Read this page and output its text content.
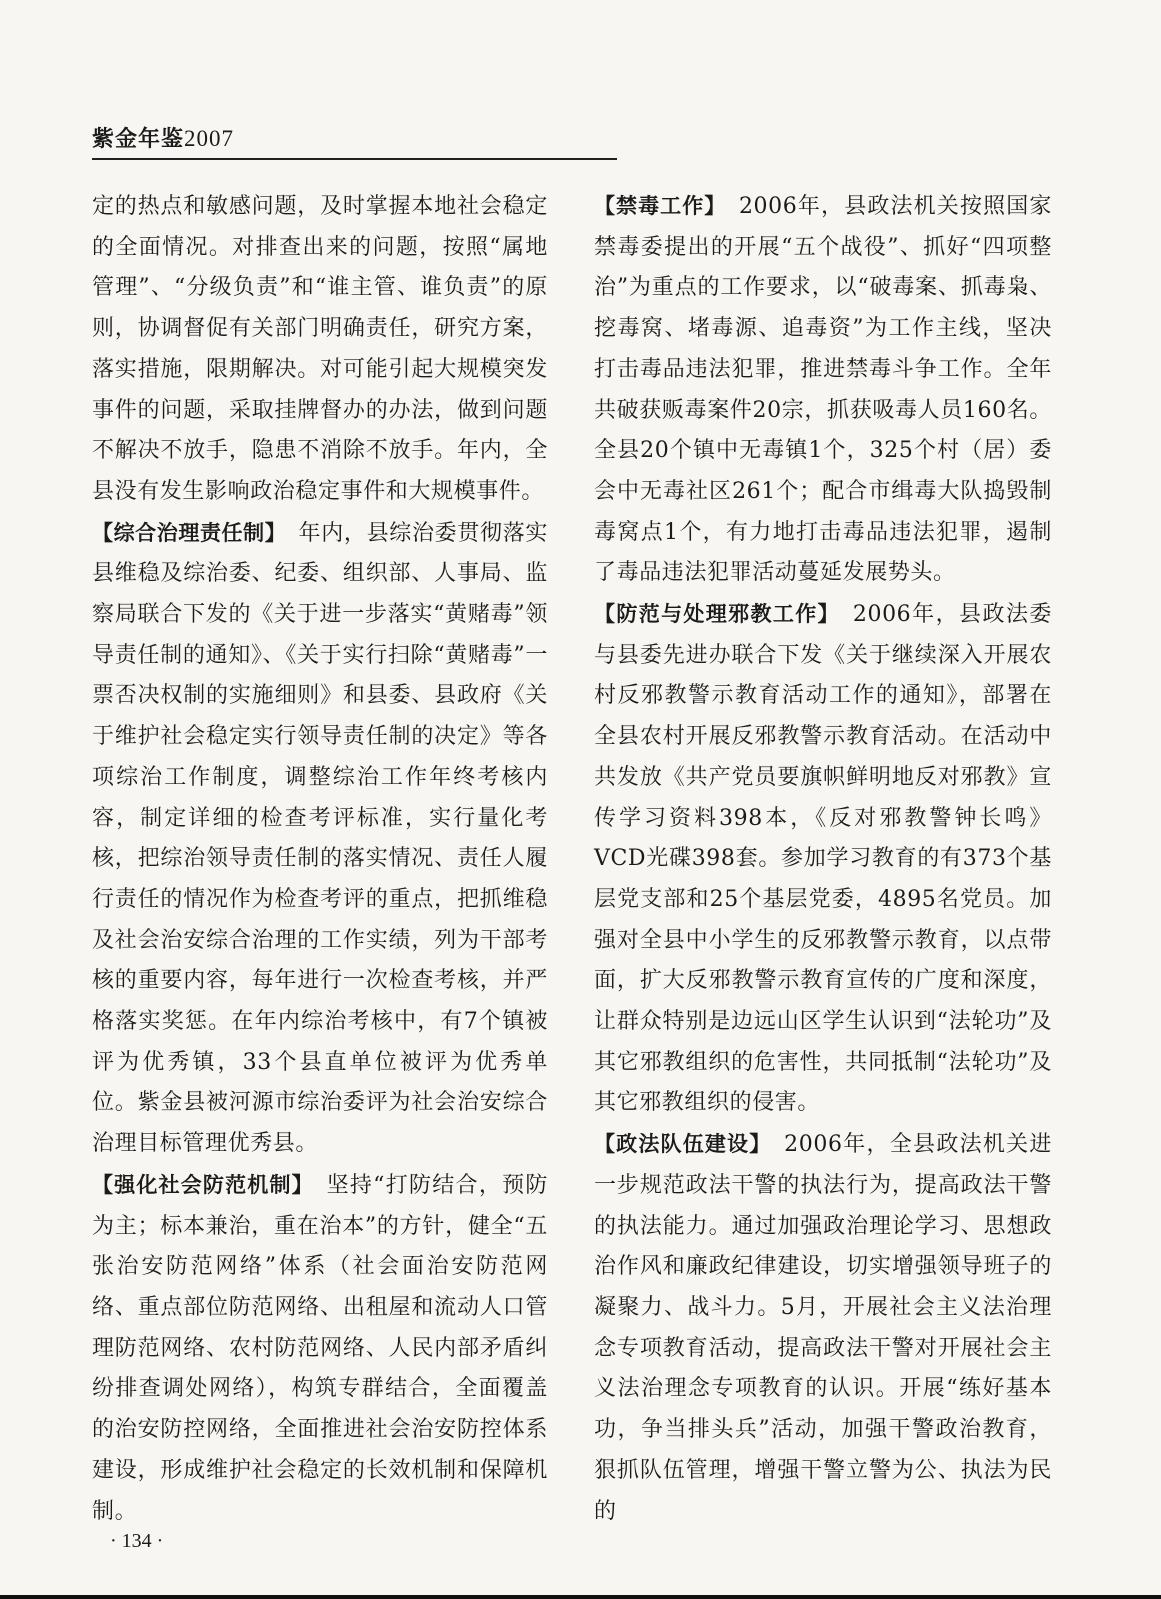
紫金年鉴2007

定的热点和敏感问题，及时掌握本地社会稳定的全面情况。对排查出来的问题，按照“属地管理”、“分级负责”和“谁主管、谁负责”的原则，协调督促有关部门明确责任，研究方案，落实措施，限期解决。对可能引起大规模突发事件的问题，采取挂牌督办的办法，做到问题不解决不放手，隐患不消除不放手。年内，全县没有发生影响政治稳定事件和大规模事件。

【综合治理责任制】　年内，县综治委贯彻落实县维稳及综治委、纪委、组织部、人事局、监察局联合下发的《关于进一步落实“黄赌毒”领导责任制的通知》、《关于实行扫除“黄赌毒”一票否决权制的实施细则》和县委、县政府《关于维护社会稳定实行领导责任制的决定》等各项综治工作制度，调整综治工作年终考核内容，制定详细的检查考评标准，实行量化考核，把综治领导责任制的落实情况、责任人履行责任的情况作为检查考评的重点，把抓维稳及社会治安综合治理的工作实绩，列为干部考核的重要内容，每年进行一次检查考核，并严格落实奖惩。在年内综治考核中，有7个镇被评为优秀镇，33个县直单位被评为优秀单位。紫金县被河源市综治委评为社会治安综合治理目标管理优秀县。

【强化社会防范机制】　坚持“打防结合，预防为主；标本兼治，重在治本”的方针，健全“五张治安防范网络”体系（社会面治安防范网络、重点部位防范网络、出租屋和流动人口管理防范网络、农村防范网络、人民内部矛盾纠纷排查调处网络），构筑专群结合，全面覆盖的治安防控网络，全面推进社会治安防控体系建设，形成维护社会稳定的长效机制和保障机制。

【禁毒工作】　2006年，县政法机关按照国家禁毒委提出的开展“五个战役”、抓好“四项整治”为重点的工作要求，以“破毒案、抓毒枭、挖毒窝、堵毒源、追毒资”为工作主线，坚决打击毒品违法犯罪，推进禁毒斗争工作。全年共破获贩毒案件20宗，抓获吸毒人员160名。全县20个镇中无毒镇1个，325个村（居）委会中无毒社区261个；配合市缉毒大队捣毁制毒窝点1个，有力地打击毒品违法犯罪，遏制了毒品违法犯罪活动蔓延发展势头。

【防范与处理邪教工作】　2006年，县政法委与县委先进办联合下发《关于继续深入开展农村反邪教警示教育活动工作的通知》，部署在全县农村开展反邪教警示教育活动。在活动中共发放《共产党员要旗帜鲜明地反对邪教》宣传学习资料398本，《反对邪教警钟长鸣》VCD光碟398套。参加学习教育的有373个基层党支部和25个基层党委，4895名党员。加强对全县中小学生的反邪教警示教育，以点带面，扩大反邪教警示教育宣传的广度和深度，让群众特别是边远山区学生认识到“法轮功”及其它邪教组织的危害性，共同抵制“法轮功”及其它邪教组织的侵害。

【政法队伍建设】　2006年，全县政法机关进一步规范政法干警的执法行为，提高政法干警的执法能力。通过加强政治理论学习、思想政治作风和廉政纪律建设，切实增强领导班子的凝聚力、战斗力。5月，开展社会主义法治理念专项教育活动，提高政法干警对开展社会主义法治理念专项教育的认识。开展“练好基本功，争当排头兵”活动，加强干警政治教育，狠抓队伍管理，增强干警立警为公、执法为民的

· 134 ·
